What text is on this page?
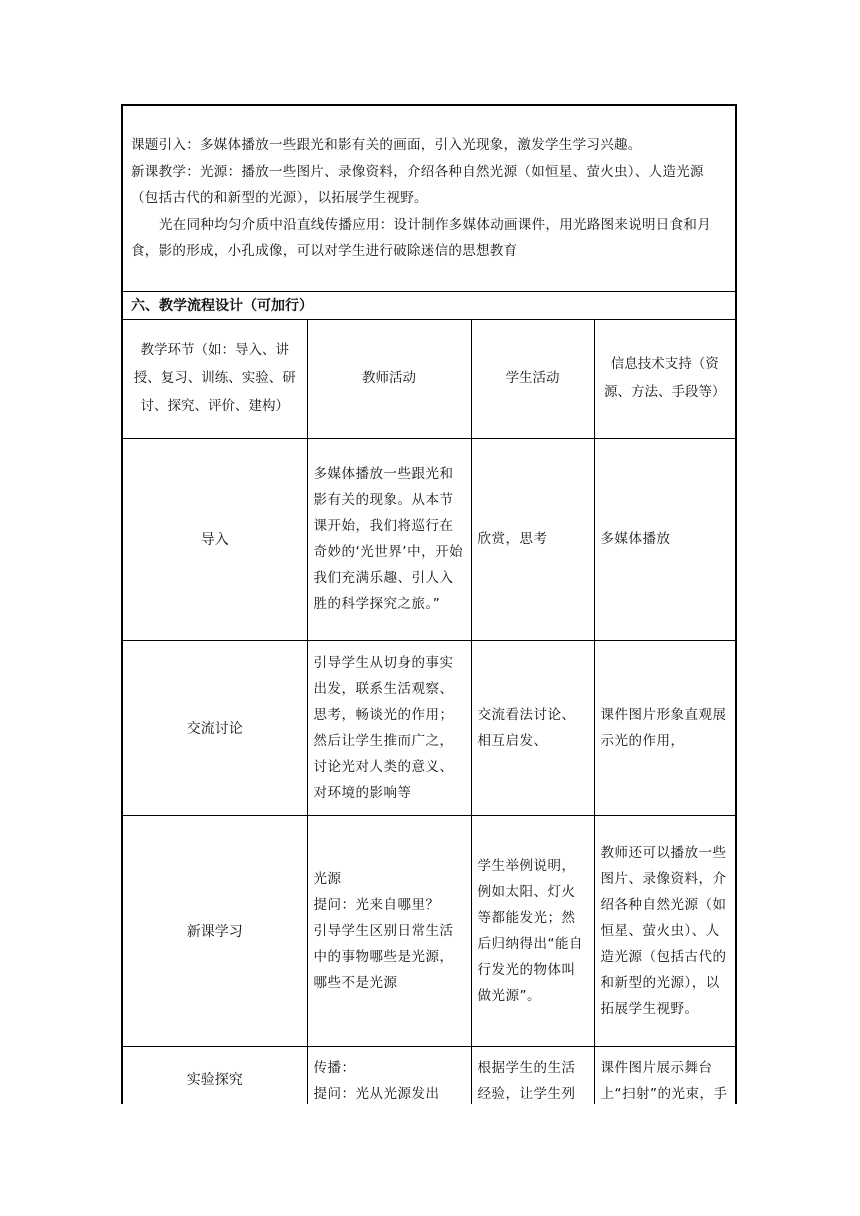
课题引入：多媒体播放一些跟光和影有关的画面，引入光现象，激发学生学习兴趣。

新课教学：光源：播放一些图片、录像资料，介绍各种自然光源（如恒星、萤火虫）、人造光源（包括古代的和新型的光源），以拓展学生视野。

光在同种均匀介质中沿直线传播应用：设计制作多媒体动画课件，用光路图来说明日食和月食，影的形成，小孔成像，可以对学生进行破除迷信的思想教育

六、教学流程设计（可加行）
教学环节（如：导入、讲授、复习、训练、实验、研讨、探究、评价、建构）	教师活动	学生活动	信息技术支持（资源、方法、手段等）
导入	多媒体播放一些跟光和影有关的现象。从本节课开始，我们将巡行在奇妙的‘光世界’中，开始我们充满乐趣、引人入胜的科学探究之旅。”	欣赏，思考	多媒体播放
交流讨论	引导学生从切身的事实出发，联系生活观察、思考，畅谈光的作用；然后让学生推而广之，讨论光对人类的意义、对环境的影响等	交流看法讨论、相互启发、	课件图片形象直观展示光的作用，
新课学习	光源
提问：光来自哪里？
引导学生区别日常生活中的事物哪些是光源，哪些不是光源	学生举例说明，例如太阳、灯火等都能发光；然后归纳得出“能自行发光的物体叫做光源”。	教师还可以播放一些图片、录像资料，介绍各种自然光源（如恒星、萤火虫）、人造光源（包括古代的和新型的光源），以拓展学生视野。
实验探究	传播：
提问：光从光源发出	根据学生的生活经验，让学生列	课件图片展示舞台上“扫射”的光束，手
